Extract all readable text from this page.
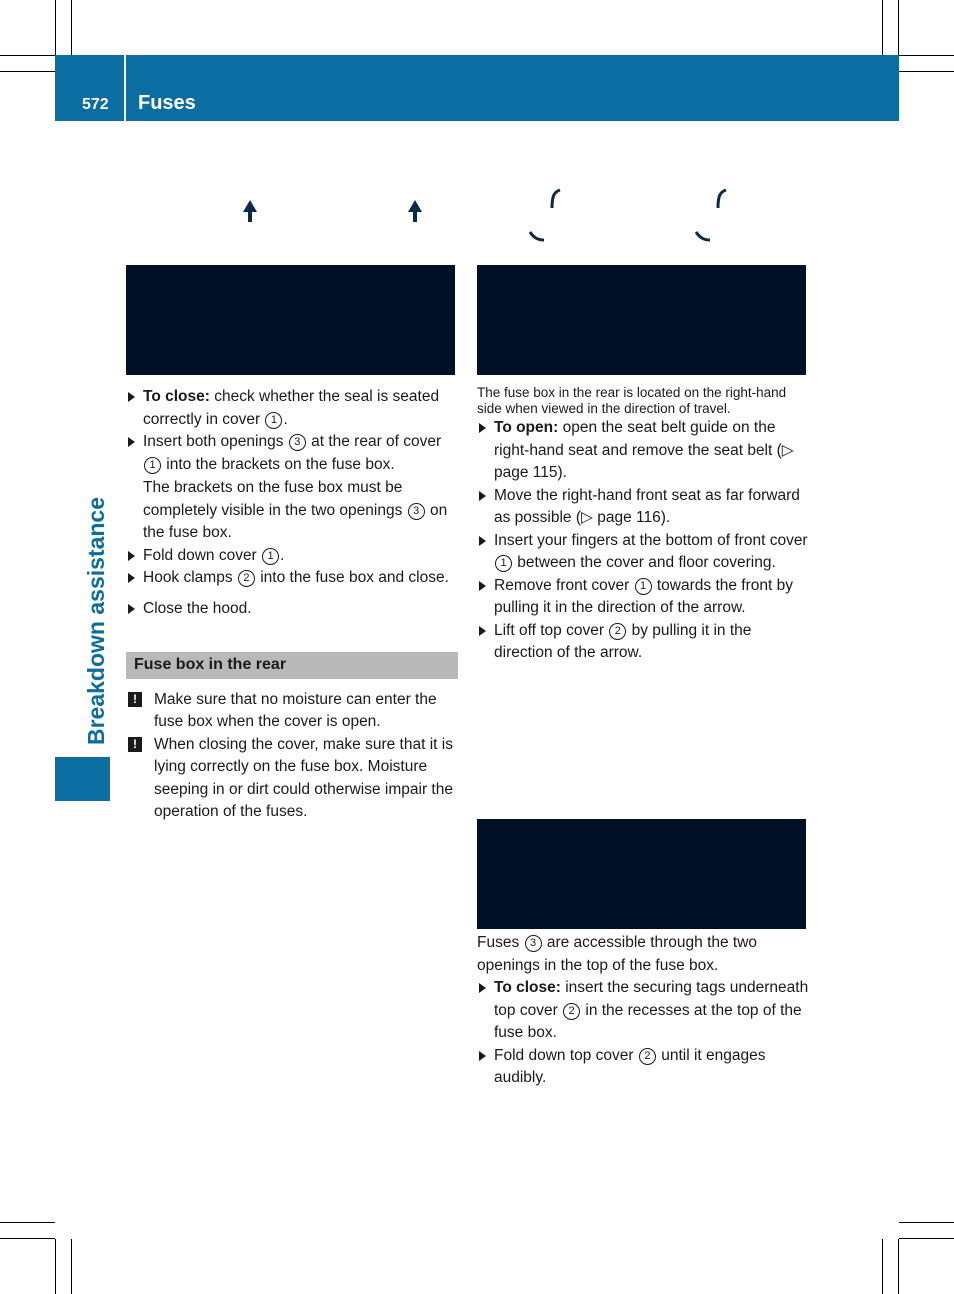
572 Fuses
Breakdown assistance

To close: check whether the seal is seated correctly in cover 1 .

Insert both openings 3 at the rear of cover 1 into the brackets on the fuse box.

The brackets on the fuse box must be completely visible in the two openings 3 on the fuse box.

Fold down cover 1 .

Hook clamps 2 into the fuse box and close.

Close the hood.

Fuse box in the rear

!	Make sure that no moisture can enter the fuse box when the cover is open.

!	When closing the cover, make sure that it is lying correctly on the fuse box. Moisture seeping in or dirt could otherwise impair the operation of the fuses.

The fuse box in the rear is located on the right-hand side when viewed in the direction of travel.

To open: open the seat belt guide on the right-hand seat and remove the seat belt (▷ page 115).

Move the right-hand front seat as far forward as possible (▷ page 116).

Insert your fingers at the bottom of front cover 1 between the cover and floor covering.

Remove front cover 1 towards the front by pulling it in the direction of the arrow.

Lift off top cover 2 by pulling it in the direction of the arrow.

Fuses 3 are accessible through the two openings in the top of the fuse box.

To close: insert the securing tags underneath top cover 2 in the recesses at the top of the fuse box.

Fold down top cover 2 until it engages audibly.
